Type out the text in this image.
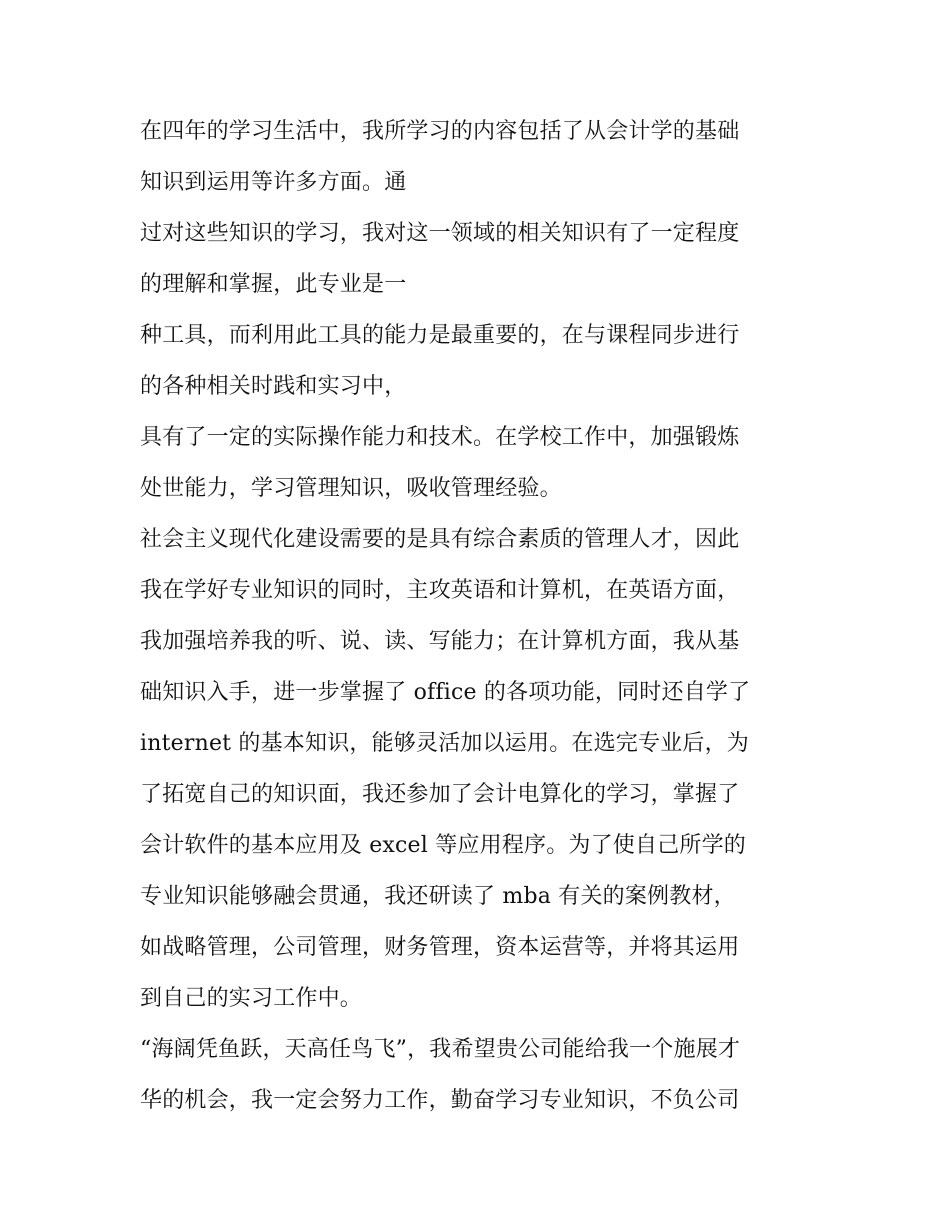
在四年的学习生活中，我所学习的内容包括了从会计学的基础
知识到运用等许多方面。通
过对这些知识的学习，我对这一领域的相关知识有了一定程度
的理解和掌握，此专业是一
种工具，而利用此工具的能力是最重要的，在与课程同步进行
的各种相关时践和实习中，
具有了一定的实际操作能力和技术。在学校工作中，加强锻炼
处世能力，学习管理知识，吸收管理经验。
社会主义现代化建设需要的是具有综合素质的管理人才，因此
我在学好专业知识的同时，主攻英语和计算机，在英语方面，
我加强培养我的听、说、读、写能力；在计算机方面，我从基
础知识入手，进一步掌握了 office 的各项功能，同时还自学了
internet 的基本知识，能够灵活加以运用。在选完专业后，为
了拓宽自己的知识面，我还参加了会计电算化的学习，掌握了
会计软件的基本应用及 excel 等应用程序。为了使自己所学的
专业知识能够融会贯通，我还研读了 mba 有关的案例教材，
如战略管理，公司管理，财务管理，资本运营等，并将其运用
到自己的实习工作中。
“海阔凭鱼跃，天高任鸟飞”，我希望贵公司能给我一个施展才
华的机会，我一定会努力工作，勤奋学习专业知识，不负公司
